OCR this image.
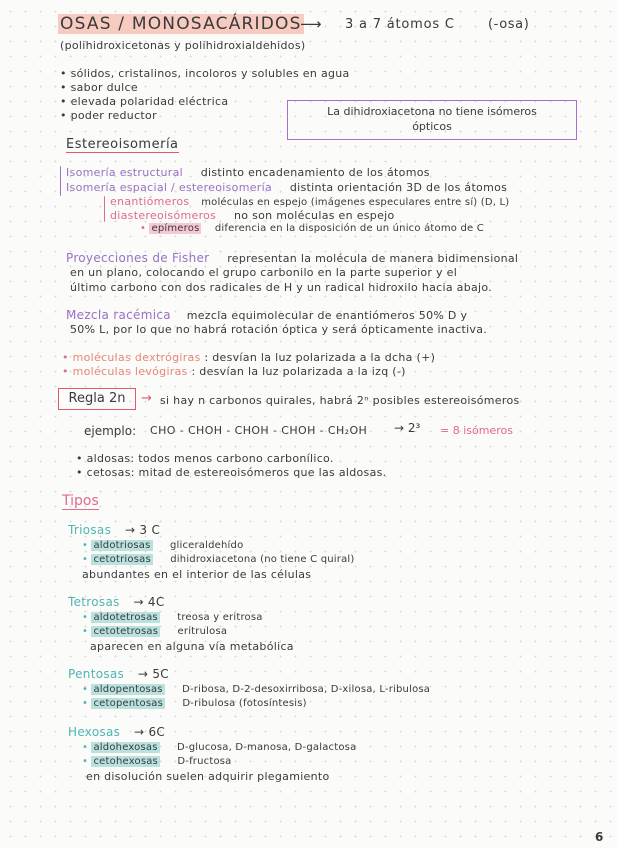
OSAS / MONOSACÁRIDOS
⟶ 3 a 7 átomos C	(-osa)
(polihidroxicetonas y polihidroxialdehidos)
• sólidos, cristalinos, incoloros y solubles en agua
• sabor dulce
• elevada polaridad eléctrica
• poder reductor	La dihidroxiacetona no tiene isómeros
ópticos
Estereoisomería
Isomería estructural distinto encadenamiento de los átomos
Isomería espacial / estereoisomería distinta orientación 3D de los átomos
enantiómeros moléculas en espejo (imágenes especulares entre sí) (D, L)
diastereoisómeros no son moléculas en espejo
• epímeros diferencia en la disposición de un único átomo de C
Proyecciones de Fisher representan la molécula de manera bidimensional
en un plano, colocando el grupo carbonilo en la parte superior y el
último carbono con dos radicales de H y un radical hidroxilo hacia abajo.
Mezcla racémica mezcla equimolecular de enantiómeros 50% D y
50% L, por lo que no habrá rotación óptica y será ópticamente inactiva.
• moléculas dextrógiras : desvían la luz polarizada a la dcha (+)
• moléculas levógiras : desvían la luz polarizada a la izq (-)
Regla 2n	→ si hay n carbonos quirales, habrá 2ⁿ posibles estereoisómeros
ejemplo: CHO - CHOH - CHOH - CHOH - CH₂OH → 2³ = 8 isómeros
• aldosas: todos menos carbono carbonílico.
• cetosas: mitad de estereoisómeros que las aldosas.
Tipos
Triosas → 3 C
• aldotriosas gliceraldehído
• cetotriosas dihidroxiacetona (no tiene C quiral)
abundantes en el interior de las células
Tetrosas → 4C
• aldotetrosas treosa y eritrosa
• cetotetrosas eritrulosa
aparecen en alguna vía metabólica
Pentosas → 5C
• aldopentosas D-ribosa, D-2-desoxirribosa, D-xilosa, L-ribulosa
• cetopentosas D-ribulosa (fotosíntesis)
Hexosas → 6C
• aldohexosas D-glucosa, D-manosa, D-galactosa
• cetohexosas D-fructosa
en disolución suelen adquirir plegamiento
6
